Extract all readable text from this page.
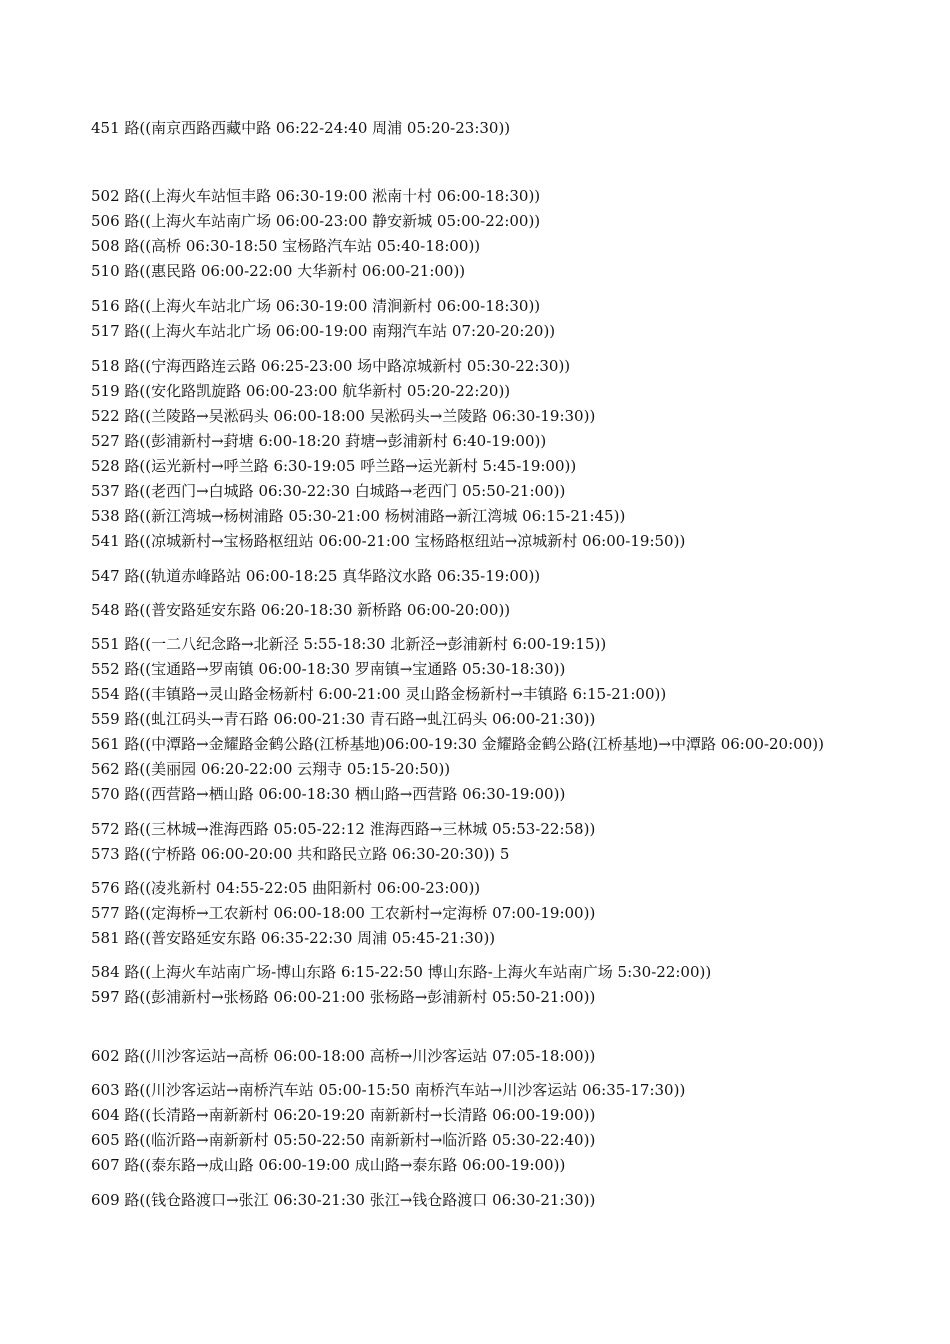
451 路((南京西路西藏中路 06:22-24:40 周浦 05:20-23:30))
502 路((上海火车站恒丰路 06:30-19:00 淞南十村 06:00-18:30))
506 路((上海火车站南广场 06:00-23:00 静安新城 05:00-22:00))
508 路((高桥 06:30-18:50 宝杨路汽车站 05:40-18:00))
510 路((惠民路 06:00-22:00 大华新村 06:00-21:00))
516 路((上海火车站北广场 06:30-19:00 清涧新村 06:00-18:30))
517 路((上海火车站北广场 06:00-19:00 南翔汽车站 07:20-20:20))
518 路((宁海西路连云路 06:25-23:00 场中路凉城新村 05:30-22:30))
519 路((安化路凯旋路 06:00-23:00 航华新村 05:20-22:20))
522 路((兰陵路→吴淞码头 06:00-18:00 吴淞码头→兰陵路 06:30-19:30))
527 路((彭浦新村→葑塘 6:00-18:20 葑塘→彭浦新村 6:40-19:00))
528 路((运光新村→呼兰路 6:30-19:05 呼兰路→运光新村 5:45-19:00))
537 路((老西门→白城路 06:30-22:30 白城路→老西门 05:50-21:00))
538 路((新江湾城→杨树浦路 05:30-21:00 杨树浦路→新江湾城 06:15-21:45))
541 路((凉城新村→宝杨路枢纽站 06:00-21:00 宝杨路枢纽站→凉城新村 06:00-19:50))
547 路((轨道赤峰路站 06:00-18:25 真华路汶水路 06:35-19:00))
548 路((普安路延安东路 06:20-18:30 新桥路 06:00-20:00))
551 路((一二八纪念路→北新泾 5:55-18:30 北新泾→彭浦新村 6:00-19:15))
552 路((宝通路→罗南镇 06:00-18:30 罗南镇→宝通路 05:30-18:30))
554 路((丰镇路→灵山路金杨新村 6:00-21:00 灵山路金杨新村→丰镇路 6:15-21:00))
559 路((虬江码头→青石路 06:00-21:30 青石路→虬江码头 06:00-21:30))
561 路((中潭路→金耀路金鹤公路(江桥基地)06:00-19:30 金耀路金鹤公路(江桥基地)→中潭路 06:00-20:00))
562 路((美丽园 06:20-22:00 云翔寺 05:15-20:50))
570 路((西营路→栖山路 06:00-18:30 栖山路→西营路 06:30-19:00))
572 路((三林城→淮海西路 05:05-22:12 淮海西路→三林城 05:53-22:58))
573 路((宁桥路 06:00-20:00 共和路民立路 06:30-20:30)) 5
576 路((凌兆新村 04:55-22:05 曲阳新村 06:00-23:00))
577 路((定海桥→工农新村 06:00-18:00 工农新村→定海桥 07:00-19:00))
581 路((普安路延安东路 06:35-22:30 周浦 05:45-21:30))
584 路((上海火车站南广场-博山东路 6:15-22:50 博山东路-上海火车站南广场 5:30-22:00))
597 路((彭浦新村→张杨路 06:00-21:00 张杨路→彭浦新村 05:50-21:00))
602 路((川沙客运站→高桥 06:00-18:00 高桥→川沙客运站 07:05-18:00))
603 路((川沙客运站→南桥汽车站 05:00-15:50 南桥汽车站→川沙客运站 06:35-17:30))
604 路((长清路→南新新村 06:20-19:20 南新新村→长清路 06:00-19:00))
605 路((临沂路→南新新村 05:50-22:50 南新新村→临沂路 05:30-22:40))
607 路((泰东路→成山路 06:00-19:00 成山路→泰东路 06:00-19:00))
609 路((钱仓路渡口→张江 06:30-21:30 张江→钱仓路渡口 06:30-21:30))
